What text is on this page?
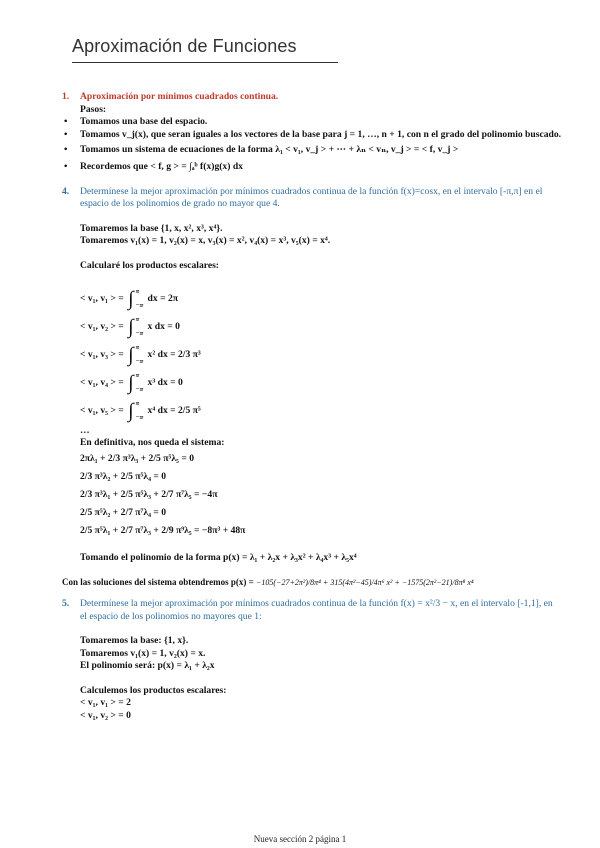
Aproximación de Funciones
1. Aproximación por mínimos cuadrados continua.
Pasos:
• Tomamos una base del espacio.
• Tomamos v_j(x), que seran iguales a los vectores de la base para j = 1, …, n + 1, con n el grado del polinomio buscado.
• Tomamos un sistema de ecuaciones de la forma λ₁ < v₁, v_j > + ⋯ + λₙ < vₙ, v_j > = < f, v_j >
• Recordemos que < f, g > = ∫ₐᵇ f(x)g(x) dx
4. Determínese la mejor aproximación por mínimos cuadrados continua de la función f(x)=cosx, en el intervalo [-π,π] en el espacio de los polinomios de grado no mayor que 4.
Tomaremos la base {1, x, x², x³, x⁴}.
Tomaremos v₁(x) = 1, v₂(x) = x, v₃(x) = x², v₄(x) = x³, v₅(x) = x⁴.
Calcularé los productos escalares:
< v₁, v₁ > = ∫ π
−π
dx = 2π
< v₁, v₂ > = ∫ π
−π
x dx = 0
< v₁, v₃ > = ∫ π
−π
x² dx = 2/3 π³
< v₁, v₄ > = ∫ π
−π
x³ dx = 0
< v₁, v₅ > = ∫ π
−π
x⁴ dx = 2/5 π⁵
…
En definitiva, nos queda el sistema:
2πλ₁ + 2/3 π³λ₃ + 2/5 π⁵λ₅ = 0
2/3 π³λ₂ + 2/5 π⁵λ₄ = 0
2/3 π³λ₁ + 2/5 π⁵λ₃ + 2/7 π⁷λ₅ = −4π
2/5 π⁵λ₂ + 2/7 π⁷λ₄ = 0
2/5 π⁵λ₁ + 2/7 π⁷λ₃ + 2/9 π⁹λ₅ = −8π³ + 48π
Tomando el polinomio de la forma p(x) = λ₁ + λ₂x + λ₃x² + λ₄x³ + λ₅x⁴
Con las soluciones del sistema obtendremos p(x) = −105(−27+2π²)/8π⁴ + 315(4π²−45)/4π⁶ x² + −1575(2π²−21)/8π⁸ x⁴
5. Determínese la mejor aproximación por mínimos cuadrados continua de la función f(x) = x²/3 − x, en el intervalo [-1,1], en el espacio de los polinomios no mayores que 1:
Tomaremos la base: {1, x}.
Tomaremos v₁(x) = 1, v₂(x) = x.
El polinomio será: p(x) = λ₁ + λ₂x
Calculemos los productos escalares:
< v₁, v₁ > = 2
< v₁, v₂ > = 0
Nueva sección 2 página 1
